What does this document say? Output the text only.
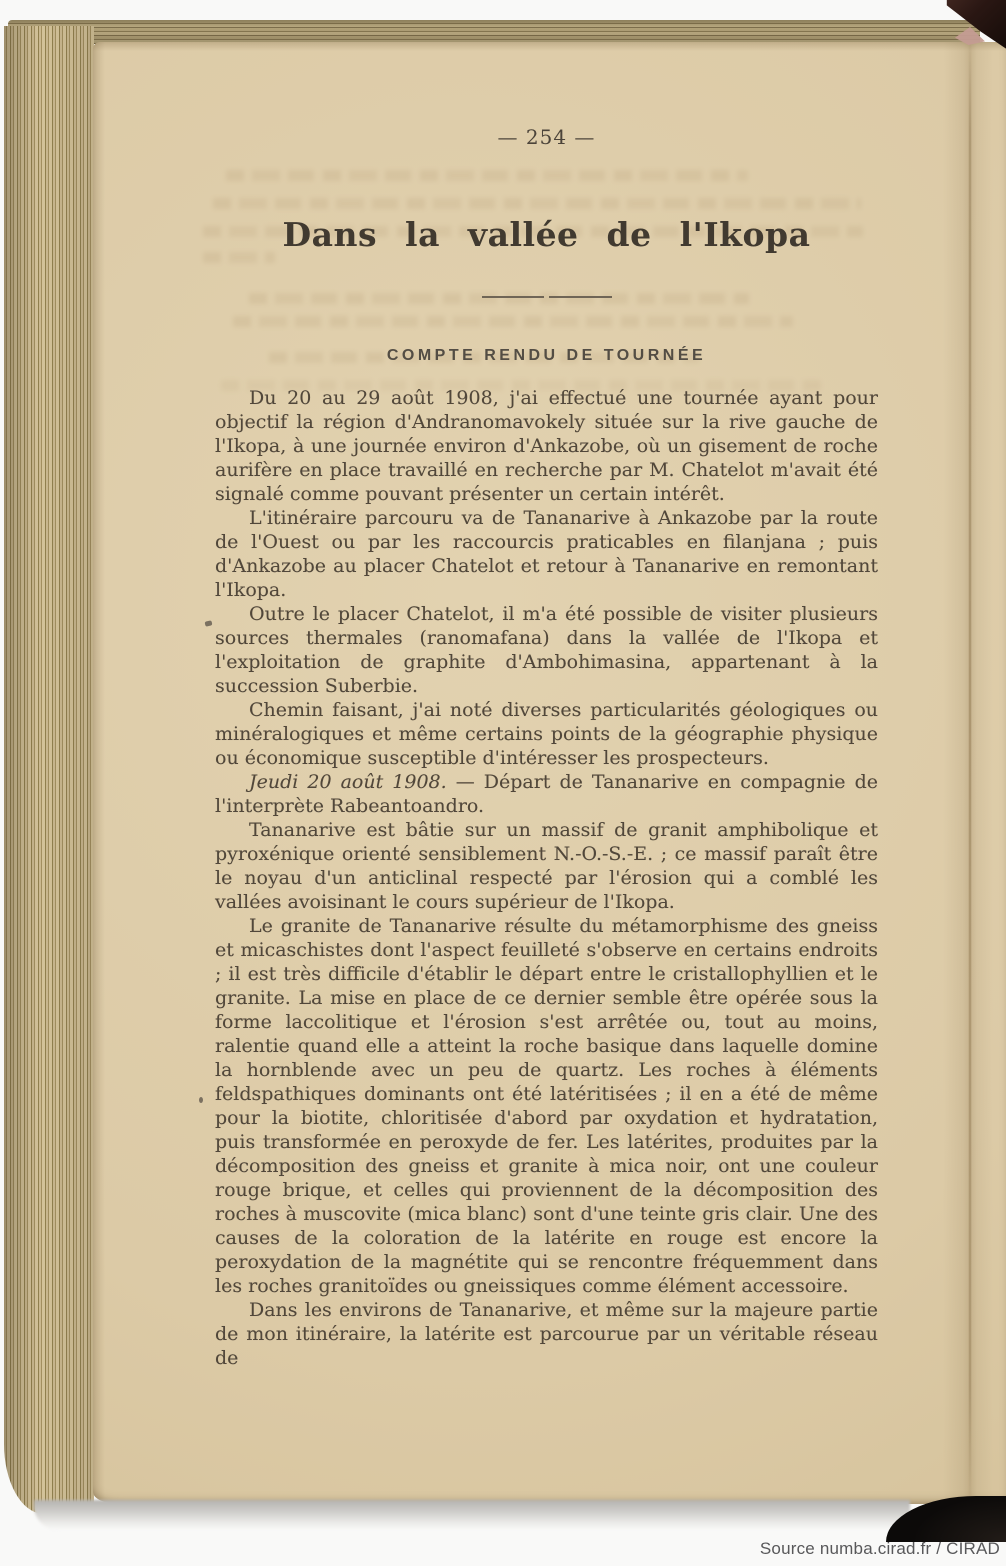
— 254 —
Dans la vallée de l'Ikopa
COMPTE RENDU DE TOURNÉE

Du 20 au 29 août 1908, j'ai effectué une tournée ayant pour objectif la région d'Andranomavokely située sur la rive gauche de l'Ikopa, à une journée environ d'Ankazobe, où un gisement de roche aurifère en place travaillé en recherche par M. Chatelot m'avait été signalé comme pouvant présenter un certain intérêt.

L'itinéraire parcouru va de Tananarive à Ankazobe par la route de l'Ouest ou par les raccourcis praticables en filanjana ; puis d'Ankazobe au placer Chatelot et retour à Tananarive en remontant l'Ikopa.

Outre le placer Chatelot, il m'a été possible de visiter plusieurs sources thermales (ranomafana) dans la vallée de l'Ikopa et l'exploitation de graphite d'Ambohimasina, appartenant à la succession Suberbie.

Chemin faisant, j'ai noté diverses particularités géologiques ou minéralogiques et même certains points de la géographie physique ou économique susceptible d'intéresser les prospecteurs.

Jeudi 20 août 1908. — Départ de Tananarive en compagnie de l'interprète Rabeantoandro.

Tananarive est bâtie sur un massif de granit amphibolique et pyroxénique orienté sensiblement N.-O.-S.-E. ; ce massif paraît être le noyau d'un anticlinal respecté par l'érosion qui a comblé les vallées avoisinant le cours supérieur de l'Ikopa.

Le granite de Tananarive résulte du métamorphisme des gneiss et micaschistes dont l'aspect feuilleté s'observe en certains endroits ; il est très difficile d'établir le départ entre le cristallophyllien et le granite. La mise en place de ce dernier semble être opérée sous la forme laccolitique et l'érosion s'est arrêtée ou, tout au moins, ralentie quand elle a atteint la roche basique dans laquelle domine la hornblende avec un peu de quartz. Les roches à éléments feldspathiques dominants ont été latéritisées ; il en a été de même pour la biotite, chloritisée d'abord par oxydation et hydratation, puis transformée en peroxyde de fer. Les latérites, produites par la décomposition des gneiss et granite à mica noir, ont une couleur rouge brique, et celles qui proviennent de la décomposition des roches à muscovite (mica blanc) sont d'une teinte gris clair. Une des causes de la coloration de la latérite en rouge est encore la peroxydation de la magnétite qui se rencontre fréquemment dans les roches granitoïdes ou gneissiques comme élément accessoire.

Dans les environs de Tananarive, et même sur la majeure partie de mon itinéraire, la latérite est parcourue par un véritable réseau de

Source numba.cirad.fr / CIRAD
